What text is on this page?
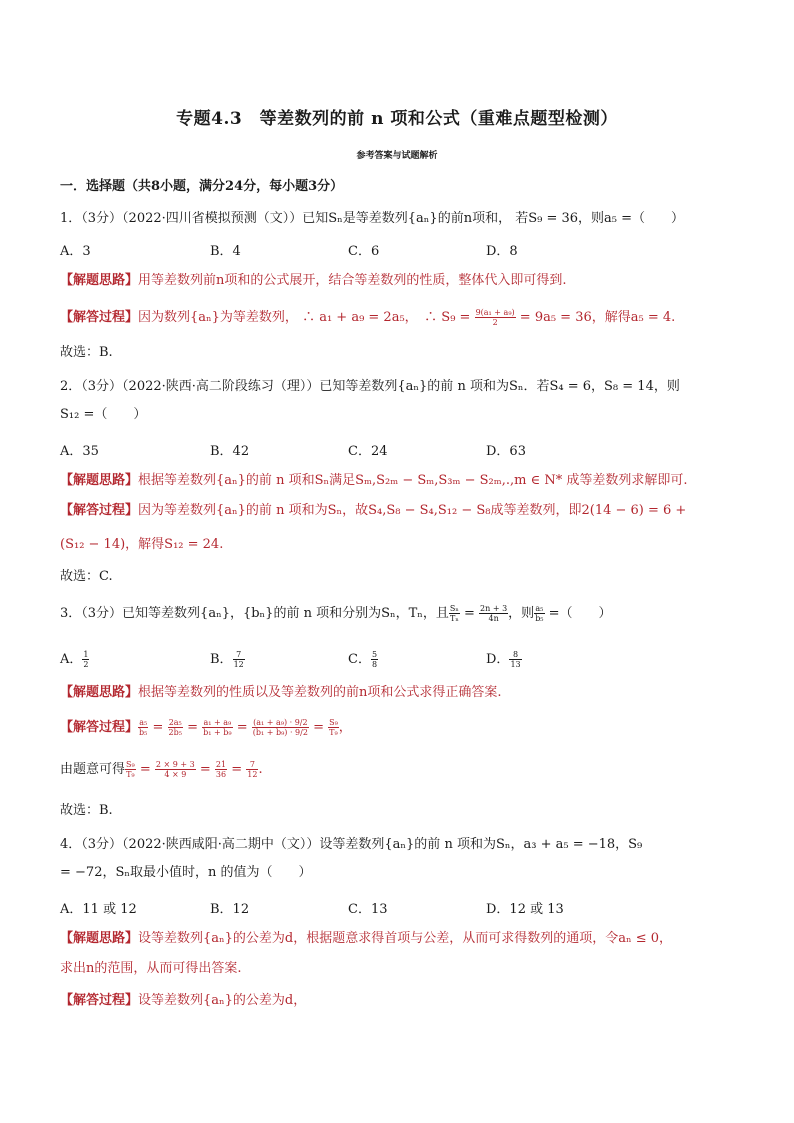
专题4.3　等差数列的前 n 项和公式（重难点题型检测）
参考答案与试题解析
一．选择题（共8小题，满分24分，每小题3分）
1．（3分）（2022·四川省模拟预测（文））已知Sₙ是等差数列{aₙ}的前n项和， 若S₉ = 36，则a₅ =（　　）
A．3	B．4	C．6	D．8
【解题思路】用等差数列前n项和的公式展开，结合等差数列的性质，整体代入即可得到.
【解答过程】因为数列{aₙ}为等差数列， ∴ a₁ + a₉ = 2a₅，　∴ $S_9 = \frac{\text{9(a₁ + a₉)}}{2} = 9a_5 = 36$，解得a₅ = 4.
故选：B.
2．（3分）（2022·陕西·高二阶段练习（理））已知等差数列{aₙ}的前 n 项和为Sₙ．若S₄ = 6，S₈ = 14，则
S₁₂ =（　　）
A．35	B．42	C．24	D．63
【解题思路】根据等差数列{aₙ}的前 n 项和Sₙ满足Sₘ,S₂ₘ − Sₘ,S₃ₘ − S₂ₘ,.,m ∈ N* 成等差数列求解即可.
【解答过程】因为等差数列{aₙ}的前 n 项和为Sₙ，故S₄,S₈ − S₄,S₁₂ − S₈成等差数列，即2(14 − 6) = 6 +
(S₁₂ − 14)，解得S₁₂ = 24.
故选：C.
3．（3分）已知等差数列{aₙ}，{bₙ}的前 n 项和分别为Sₙ，Tₙ，且 $\frac{\text{Sₙ}}{\text{Tₙ}} = \frac{2n + 3}{4n}$ ，则 $\frac{\text{a₅}}{\text{b₅}}$ =（　　）
A． $\frac{1}{2}$	B． $\frac{7}{12}$	C． $\frac{5}{8}$	D． $\frac{8}{13}$
【解题思路】根据等差数列的性质以及等差数列的前n项和公式求得正确答案.
【解答过程】 $\frac{\text{a₅}}{\text{b₅}} = \frac{\text{2a₅}}{\text{2b₅}} = \frac{\text{a₁ + a₉}}{\text{b₁ + b₉}} = \frac{\text{(a₁ + a₉) · 9/2}}{\text{(b₁ + b₉) · 9/2}} = \frac{\text{S₉}}{\text{T₉}}$ ，
由题意可得 $\frac{\text{S₉}}{\text{T₉}} = \frac{2 \times 9 + 3}{4 \times 9} = \frac{21}{36} = \frac{7}{12}$ .
故选：B.
4．（3分）（2022·陕西咸阳·高二期中（文））设等差数列{aₙ}的前 n 项和为Sₙ，a₃ + a₅ = −18，S₉
= −72，Sₙ取最小值时，n 的值为（　　）
A．11 或 12	B．12	C．13	D．12 或 13
【解题思路】设等差数列{aₙ}的公差为d，根据题意求得首项与公差，从而可求得数列的通项，令aₙ ≤ 0，
求出n的范围，从而可得出答案.
【解答过程】设等差数列{aₙ}的公差为d，
